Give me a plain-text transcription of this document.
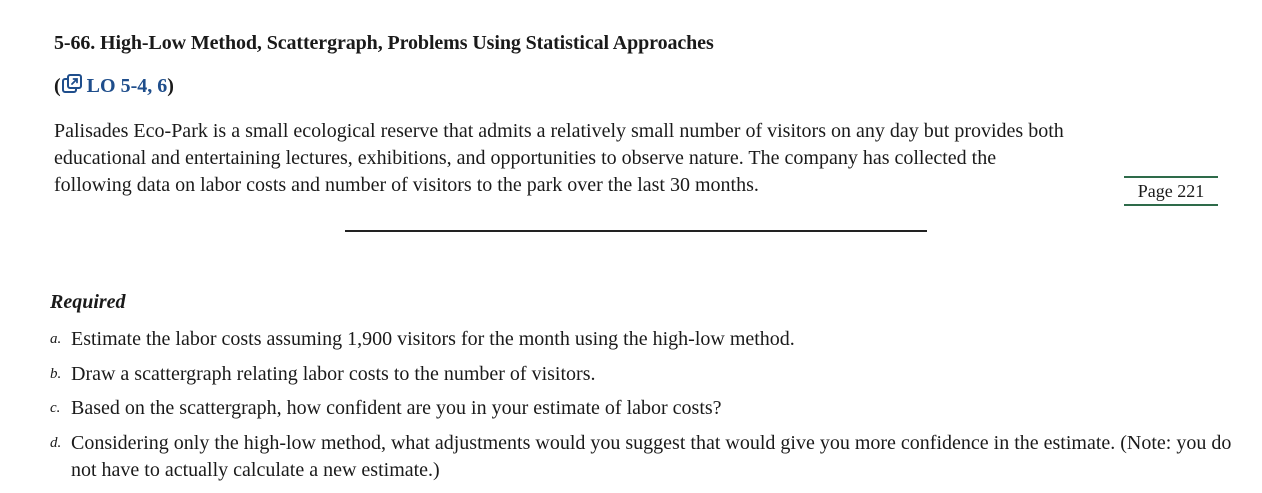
5-66. High-Low Method, Scattergraph, Problems Using Statistical Approaches
( LO 5-4, 6)

Palisades Eco-Park is a small ecological reserve that admits a relatively small number of visitors on any day but provides both

educational and entertaining lectures, exhibitions, and opportunities to observe nature. The company has collected the

following data on labor costs and number of visitors to the park over the last 30 months.	Page 221
Required
a. Estimate the labor costs assuming 1,900 visitors for the month using the high-low method.
b. Draw a scattergraph relating labor costs to the number of visitors.
c. Based on the scattergraph, how confident are you in your estimate of labor costs?
d. Considering only the high-low method, what adjustments would you suggest that would give you more confidence in the estimate. (Note: you do not have to actually calculate a new estimate.)
